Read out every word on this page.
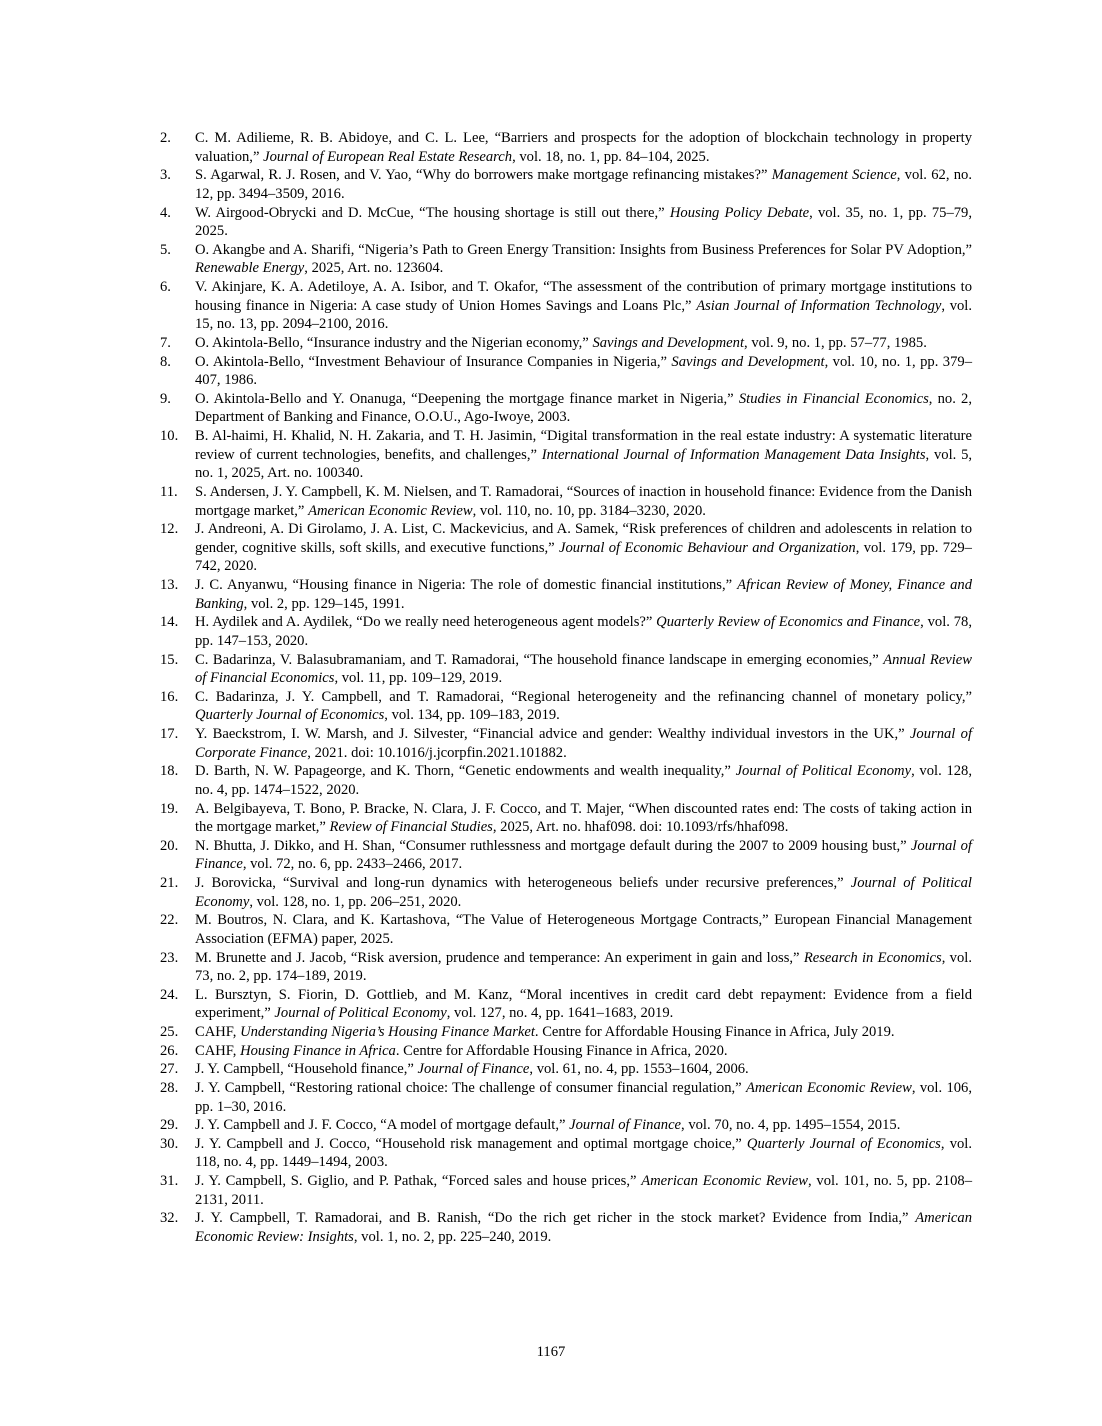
2.	C. M. Adilieme, R. B. Abidoye, and C. L. Lee, “Barriers and prospects for the adoption of blockchain technology in property valuation,” Journal of European Real Estate Research, vol. 18, no. 1, pp. 84–104, 2025.
3.	S. Agarwal, R. J. Rosen, and V. Yao, “Why do borrowers make mortgage refinancing mistakes?” Management Science, vol. 62, no. 12, pp. 3494–3509, 2016.
4.	W. Airgood-Obrycki and D. McCue, “The housing shortage is still out there,” Housing Policy Debate, vol. 35, no. 1, pp. 75–79, 2025.
5.	O. Akangbe and A. Sharifi, “Nigeria’s Path to Green Energy Transition: Insights from Business Preferences for Solar PV Adoption,” Renewable Energy, 2025, Art. no. 123604.
6.	V. Akinjare, K. A. Adetiloye, A. A. Isibor, and T. Okafor, “The assessment of the contribution of primary mortgage institutions to housing finance in Nigeria: A case study of Union Homes Savings and Loans Plc,” Asian Journal of Information Technology, vol. 15, no. 13, pp. 2094–2100, 2016.
7.	O. Akintola-Bello, “Insurance industry and the Nigerian economy,” Savings and Development, vol. 9, no. 1, pp. 57–77, 1985.
8.	O. Akintola-Bello, “Investment Behaviour of Insurance Companies in Nigeria,” Savings and Development, vol. 10, no. 1, pp. 379–407, 1986.
9.	O. Akintola-Bello and Y. Onanuga, “Deepening the mortgage finance market in Nigeria,” Studies in Financial Economics, no. 2, Department of Banking and Finance, O.O.U., Ago-Iwoye, 2003.
10.	B. Al-haimi, H. Khalid, N. H. Zakaria, and T. H. Jasimin, “Digital transformation in the real estate industry: A systematic literature review of current technologies, benefits, and challenges,” International Journal of Information Management Data Insights, vol. 5, no. 1, 2025, Art. no. 100340.
11.	S. Andersen, J. Y. Campbell, K. M. Nielsen, and T. Ramadorai, “Sources of inaction in household finance: Evidence from the Danish mortgage market,” American Economic Review, vol. 110, no. 10, pp. 3184–3230, 2020.
12.	J. Andreoni, A. Di Girolamo, J. A. List, C. Mackevicius, and A. Samek, “Risk preferences of children and adolescents in relation to gender, cognitive skills, soft skills, and executive functions,” Journal of Economic Behaviour and Organization, vol. 179, pp. 729–742, 2020.
13.	J. C. Anyanwu, “Housing finance in Nigeria: The role of domestic financial institutions,” African Review of Money, Finance and Banking, vol. 2, pp. 129–145, 1991.
14.	H. Aydilek and A. Aydilek, “Do we really need heterogeneous agent models?” Quarterly Review of Economics and Finance, vol. 78, pp. 147–153, 2020.
15.	C. Badarinza, V. Balasubramaniam, and T. Ramadorai, “The household finance landscape in emerging economies,” Annual Review of Financial Economics, vol. 11, pp. 109–129, 2019.
16.	C. Badarinza, J. Y. Campbell, and T. Ramadorai, “Regional heterogeneity and the refinancing channel of monetary policy,” Quarterly Journal of Economics, vol. 134, pp. 109–183, 2019.
17.	Y. Baeckstrom, I. W. Marsh, and J. Silvester, “Financial advice and gender: Wealthy individual investors in the UK,” Journal of Corporate Finance, 2021. doi: 10.1016/j.jcorpfin.2021.101882.
18.	D. Barth, N. W. Papageorge, and K. Thorn, “Genetic endowments and wealth inequality,” Journal of Political Economy, vol. 128, no. 4, pp. 1474–1522, 2020.
19.	A. Belgibayeva, T. Bono, P. Bracke, N. Clara, J. F. Cocco, and T. Majer, “When discounted rates end: The costs of taking action in the mortgage market,” Review of Financial Studies, 2025, Art. no. hhaf098. doi: 10.1093/rfs/hhaf098.
20.	N. Bhutta, J. Dikko, and H. Shan, “Consumer ruthlessness and mortgage default during the 2007 to 2009 housing bust,” Journal of Finance, vol. 72, no. 6, pp. 2433–2466, 2017.
21.	J. Borovicka, “Survival and long-run dynamics with heterogeneous beliefs under recursive preferences,” Journal of Political Economy, vol. 128, no. 1, pp. 206–251, 2020.
22.	M. Boutros, N. Clara, and K. Kartashova, “The Value of Heterogeneous Mortgage Contracts,” European Financial Management Association (EFMA) paper, 2025.
23.	M. Brunette and J. Jacob, “Risk aversion, prudence and temperance: An experiment in gain and loss,” Research in Economics, vol. 73, no. 2, pp. 174–189, 2019.
24.	L. Bursztyn, S. Fiorin, D. Gottlieb, and M. Kanz, “Moral incentives in credit card debt repayment: Evidence from a field experiment,” Journal of Political Economy, vol. 127, no. 4, pp. 1641–1683, 2019.
25.	CAHF, Understanding Nigeria’s Housing Finance Market. Centre for Affordable Housing Finance in Africa, July 2019.
26.	CAHF, Housing Finance in Africa. Centre for Affordable Housing Finance in Africa, 2020.
27.	J. Y. Campbell, “Household finance,” Journal of Finance, vol. 61, no. 4, pp. 1553–1604, 2006.
28.	J. Y. Campbell, “Restoring rational choice: The challenge of consumer financial regulation,” American Economic Review, vol. 106, pp. 1–30, 2016.
29.	J. Y. Campbell and J. F. Cocco, “A model of mortgage default,” Journal of Finance, vol. 70, no. 4, pp. 1495–1554, 2015.
30.	J. Y. Campbell and J. Cocco, “Household risk management and optimal mortgage choice,” Quarterly Journal of Economics, vol. 118, no. 4, pp. 1449–1494, 2003.
31.	J. Y. Campbell, S. Giglio, and P. Pathak, “Forced sales and house prices,” American Economic Review, vol. 101, no. 5, pp. 2108–2131, 2011.
32.	J. Y. Campbell, T. Ramadorai, and B. Ranish, “Do the rich get richer in the stock market? Evidence from India,” American Economic Review: Insights, vol. 1, no. 2, pp. 225–240, 2019.
1167
